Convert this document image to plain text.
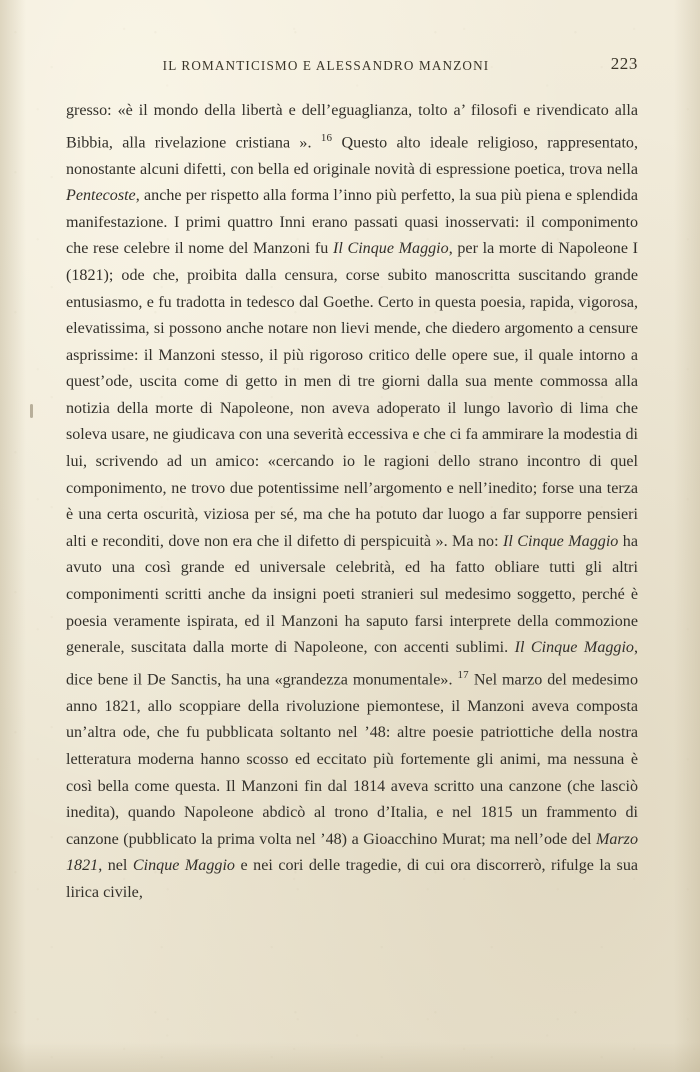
IL ROMANTICISMO E ALESSANDRO MANZONI	223

gresso: «è il mondo della libertà e dell’eguaglianza, tolto a’ filosofi e rivendicato alla Bibbia, alla rivelazione cristiana ». $^{16}$ Questo alto ideale religioso, rappresentato, nonostante alcuni difetti, con bella ed originale novità di espressione poetica, trova nella Pentecoste, anche per rispetto alla forma l’inno più perfetto, la sua più piena e splendida manifestazione. I primi quattro Inni erano passati quasi inosservati: il componimento che rese celebre il nome del Manzoni fu Il Cinque Maggio, per la morte di Napoleone I (1821); ode che, proibita dalla censura, corse subito manoscritta suscitando grande entusiasmo, e fu tradotta in tedesco dal Goethe. Certo in questa poesia, rapida, vigorosa, elevatissima, si possono anche notare non lievi mende, che diedero argomento a censure asprissime: il Manzoni stesso, il più rigoroso critico delle opere sue, il quale intorno a quest’ode, uscita come di getto in men di tre giorni dalla sua mente commossa alla notizia della morte di Napoleone, non aveva adoperato il lungo lavorìo di lima che soleva usare, ne giudicava con una severità eccessiva e che ci fa ammirare la modestia di lui, scrivendo ad un amico: «cercando io le ragioni dello strano incontro di quel componimento, ne trovo due potentissime nell’argomento e nell’inedito; forse una terza è una certa oscurità, viziosa per sé, ma che ha potuto dar luogo a far supporre pensieri alti e reconditi, dove non era che il difetto di perspicuità ». Ma no: Il Cinque Maggio ha avuto una così grande ed universale celebrità, ed ha fatto obliare tutti gli altri componimenti scritti anche da insigni poeti stranieri sul medesimo soggetto, perché è poesia veramente ispirata, ed il Manzoni ha saputo farsi interprete della commozione generale, suscitata dalla morte di Napoleone, con accenti sublimi. Il Cinque Maggio, dice bene il De Sanctis, ha una «grandezza monumentale». $^{17}$ Nel marzo del medesimo anno 1821, allo scoppiare della rivoluzione piemontese, il Manzoni aveva composta un’altra ode, che fu pubblicata soltanto nel ’48: altre poesie patriottiche della nostra letteratura moderna hanno scosso ed eccitato più fortemente gli animi, ma nessuna è così bella come questa. Il Manzoni fin dal 1814 aveva scritto una canzone (che lasciò inedita), quando Napoleone abdicò al trono d’Italia, e nel 1815 un frammento di canzone (pubblicato la prima volta nel ’48) a Gioacchino Murat; ma nell’ode del Marzo 1821, nel Cinque Maggio e nei cori delle tragedie, di cui ora discorrerò, rifulge la sua lirica civile,
